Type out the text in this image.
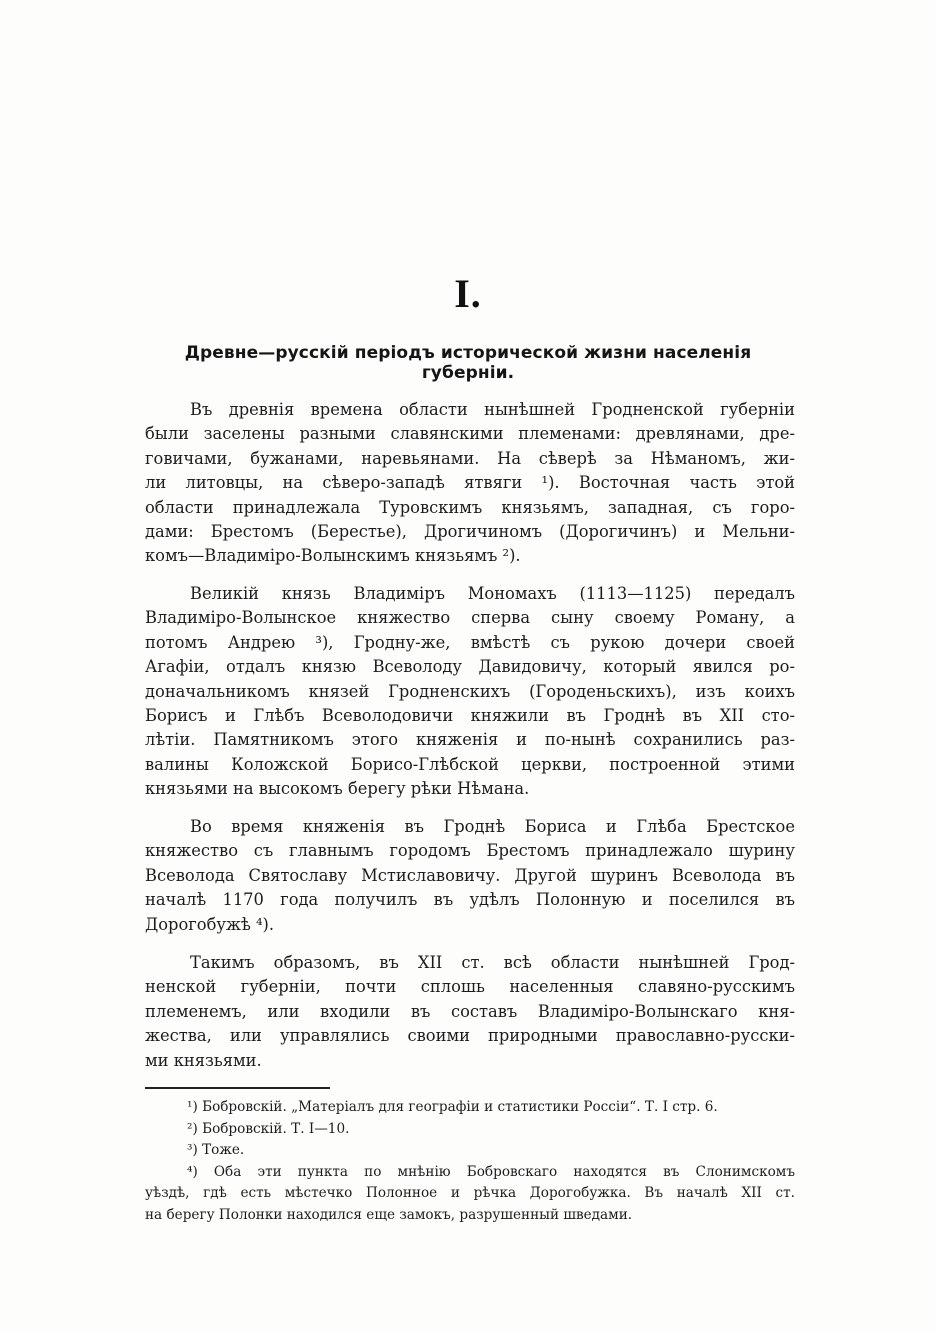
I.
Древне—русскій періодъ исторической жизни населенія губерніи.
Въ древнія времена области нынѣшней Гродненской губерніи
были заселены разными славянскими племенами: древлянами, дре-
говичами, бужанами, наревьянами. На сѣверѣ за Нѣманомъ, жи-
ли литовцы, на сѣверо-западѣ ятвяги ¹). Восточная часть этой
области принадлежала Туровскимъ князьямъ, западная, съ горо-
дами: Брестомъ (Берестье), Дрогичиномъ (Дорогичинъ) и Мельни-
комъ—Владиміро-Волынскимъ князьямъ ²).
Великій князь Владиміръ Мономахъ (1113—1125) передалъ
Владиміро-Волынское княжество сперва сыну своему Роману, а
потомъ Андрею ³), Гродну-же, вмѣстѣ съ рукою дочери своей
Агафіи, отдалъ князю Всеволоду Давидовичу, который явился ро-
доначальникомъ князей Гродненскихъ (Городеньскихъ), изъ коихъ
Борисъ и Глѣбъ Всеволодовичи княжили въ Гроднѣ въ XII сто-
лѣтіи. Памятникомъ этого княженія и по-нынѣ сохранились раз-
валины Коложской Борисо-Глѣбской церкви, построенной этими
князьями на высокомъ берегу рѣки Нѣмана.
Во время княженія въ Гроднѣ Бориса и Глѣба Брестское
княжество съ главнымъ городомъ Брестомъ принадлежало шурину
Всеволода Святославу Мстиславовичу. Другой шуринъ Всеволода въ
началѣ 1170 года получилъ въ удѣлъ Полонную и поселился въ
Дорогобужѣ ⁴).
Такимъ образомъ, въ XII ст. всѣ области нынѣшней Грод-
ненской губерніи, почти сплошь населенныя славяно-русскимъ
племенемъ, или входили въ составъ Владиміро-Волынскаго кня-
жества, или управлялись своими природными православно-русски-
ми князьями.
¹) Бобровскій. „Матеріалъ для географіи и статистики Россіи“. Т. I стр. 6.
²) Бобровскій. Т. I—10.
³) Тоже.
⁴) Оба эти пункта по мнѣнію Бобровскаго находятся въ Слонимскомъ
уѣздѣ, гдѣ есть мѣстечко Полонное и рѣчка Дорогобужка. Въ началѣ XII ст.
на берегу Полонки находился еще замокъ, разрушенный шведами.
